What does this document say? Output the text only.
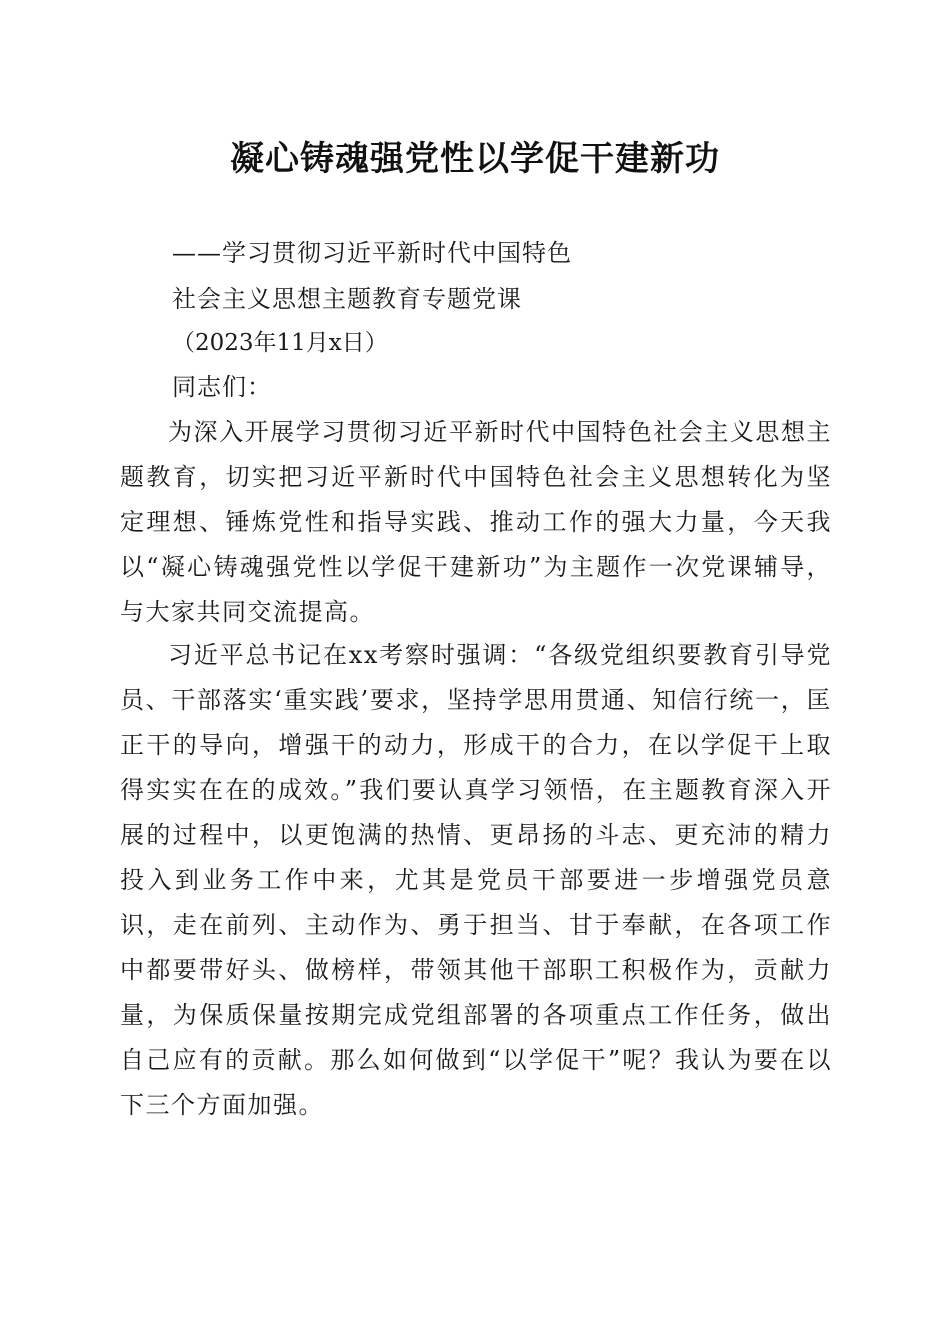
凝心铸魂强党性以学促干建新功
——学习贯彻习近平新时代中国特色
社会主义思想主题教育专题党课
（2023年11月x日）
同志们：

为深入开展学习贯彻习近平新时代中国特色社会主义思想主题教育，切实把习近平新时代中国特色社会主义思想转化为坚定理想、锤炼党性和指导实践、推动工作的强大力量，今天我以“凝心铸魂强党性以学促干建新功”为主题作一次党课辅导，与大家共同交流提高。

习近平总书记在xx考察时强调：“各级党组织要教育引导党员、干部落实‘重实践’要求，坚持学思用贯通、知信行统一，匡正干的导向，增强干的动力，形成干的合力，在以学促干上取得实实在在的成效。”我们要认真学习领悟，在主题教育深入开展的过程中，以更饱满的热情、更昂扬的斗志、更充沛的精力投入到业务工作中来，尤其是党员干部要进一步增强党员意识，走在前列、主动作为、勇于担当、甘于奉献，在各项工作中都要带好头、做榜样，带领其他干部职工积极作为，贡献力量，为保质保量按期完成党组部署的各项重点工作任务，做出自己应有的贡献。那么如何做到“以学促干”呢？我认为要在以下三个方面加强。
